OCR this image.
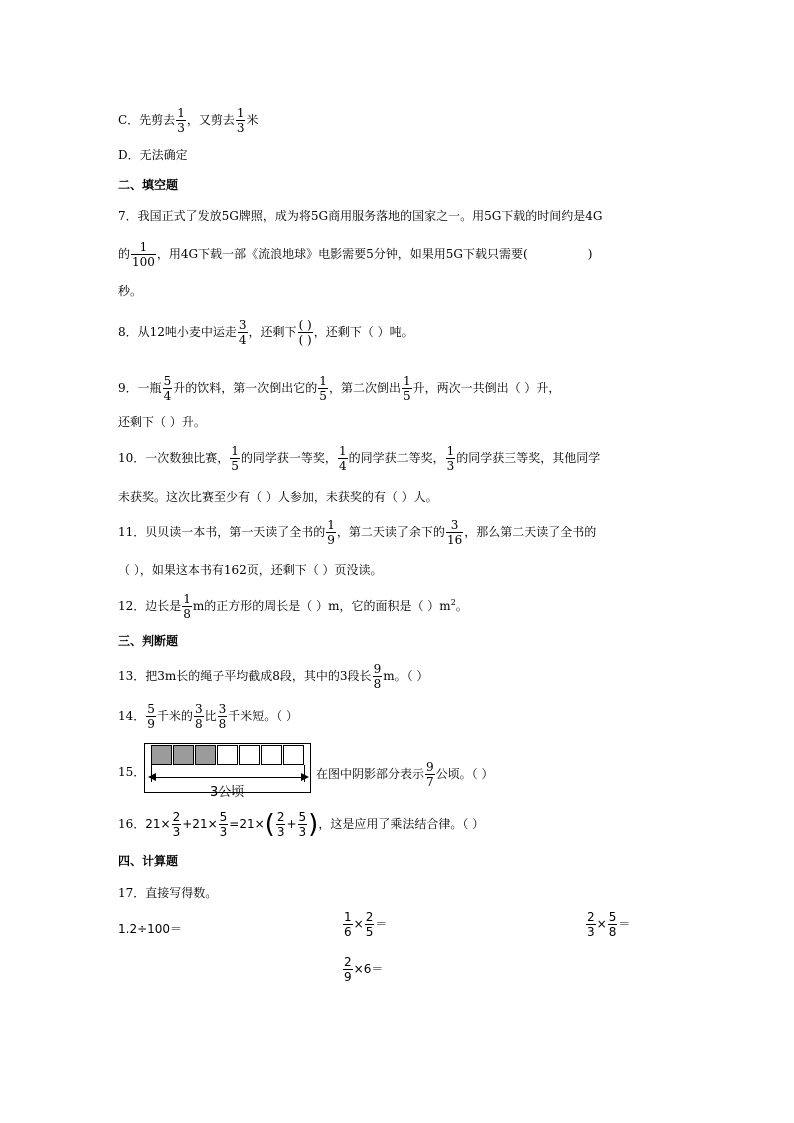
C．先剪去 $\frac{1}{3}$ ，又剪去 $\frac{1}{3}$ 米
D．无法确定
二、填空题
7．我国正式了发放5G牌照，成为将5G商用服务落地的国家之一。用5G下载的时间约是4G
的 $\frac{1}{100}$ ，用4G下载一部《流浪地球》电影需要5分钟，如果用5G下载只需要(	)
秒。
8．从12吨小麦中运走 $\frac{3}{4}$ ，还剩下 ( )
( )
，还剩下（ ）吨。
9．一瓶 $\frac{5}{4}$ 升的饮料，第一次倒出它的 $\frac{1}{5}$ ，第二次倒出 $\frac{1}{5}$ 升，两次一共倒出（ ）升，
还剩下（ ）升。
10．一次数独比赛， $\frac{1}{5}$ 的同学获一等奖， $\frac{1}{4}$ 的同学获二等奖， $\frac{1}{3}$ 的同学获三等奖，其他同学
未获奖。这次比赛至少有（ ）人参加，未获奖的有（ ）人。
11．贝贝读一本书，第一天读了全书的 $\frac{1}{9}$ ，第二天读了余下的 $\frac{3}{16}$ ，那么第二天读了全书的
（ ），如果这本书有162页，还剩下（ ）页没读。
12．边长是 $\frac{1}{8}$ m的正方形的周长是（ ）m，它的面积是（ ）$m^2$。
三、判断题
13．把3m长的绳子平均截成8段，其中的3段长 $\frac{9}{8}$ m。（ ）
14． $\frac{5}{9}$ 千米的 $\frac{3}{8}$ 比 $\frac{3}{8}$ 千米短。（ ）
15．
3公顷
在图中阴影部分表示 $\frac{9}{7}$ 公顷。（ ）
16．$21\times \frac{2}{3} +21\times \frac{5}{3} =21\times( \frac{2}{3} + \frac{5}{3}$ )，这是应用了乘法结合律。（ ）
四、计算题
17．直接写得数。
1.2÷100＝	$\frac{1}{6} \times \frac{2}{5}$ ＝	$\frac{2}{3} \times \frac{5}{8}$ ＝
$\frac{2}{9} \times 6=$
